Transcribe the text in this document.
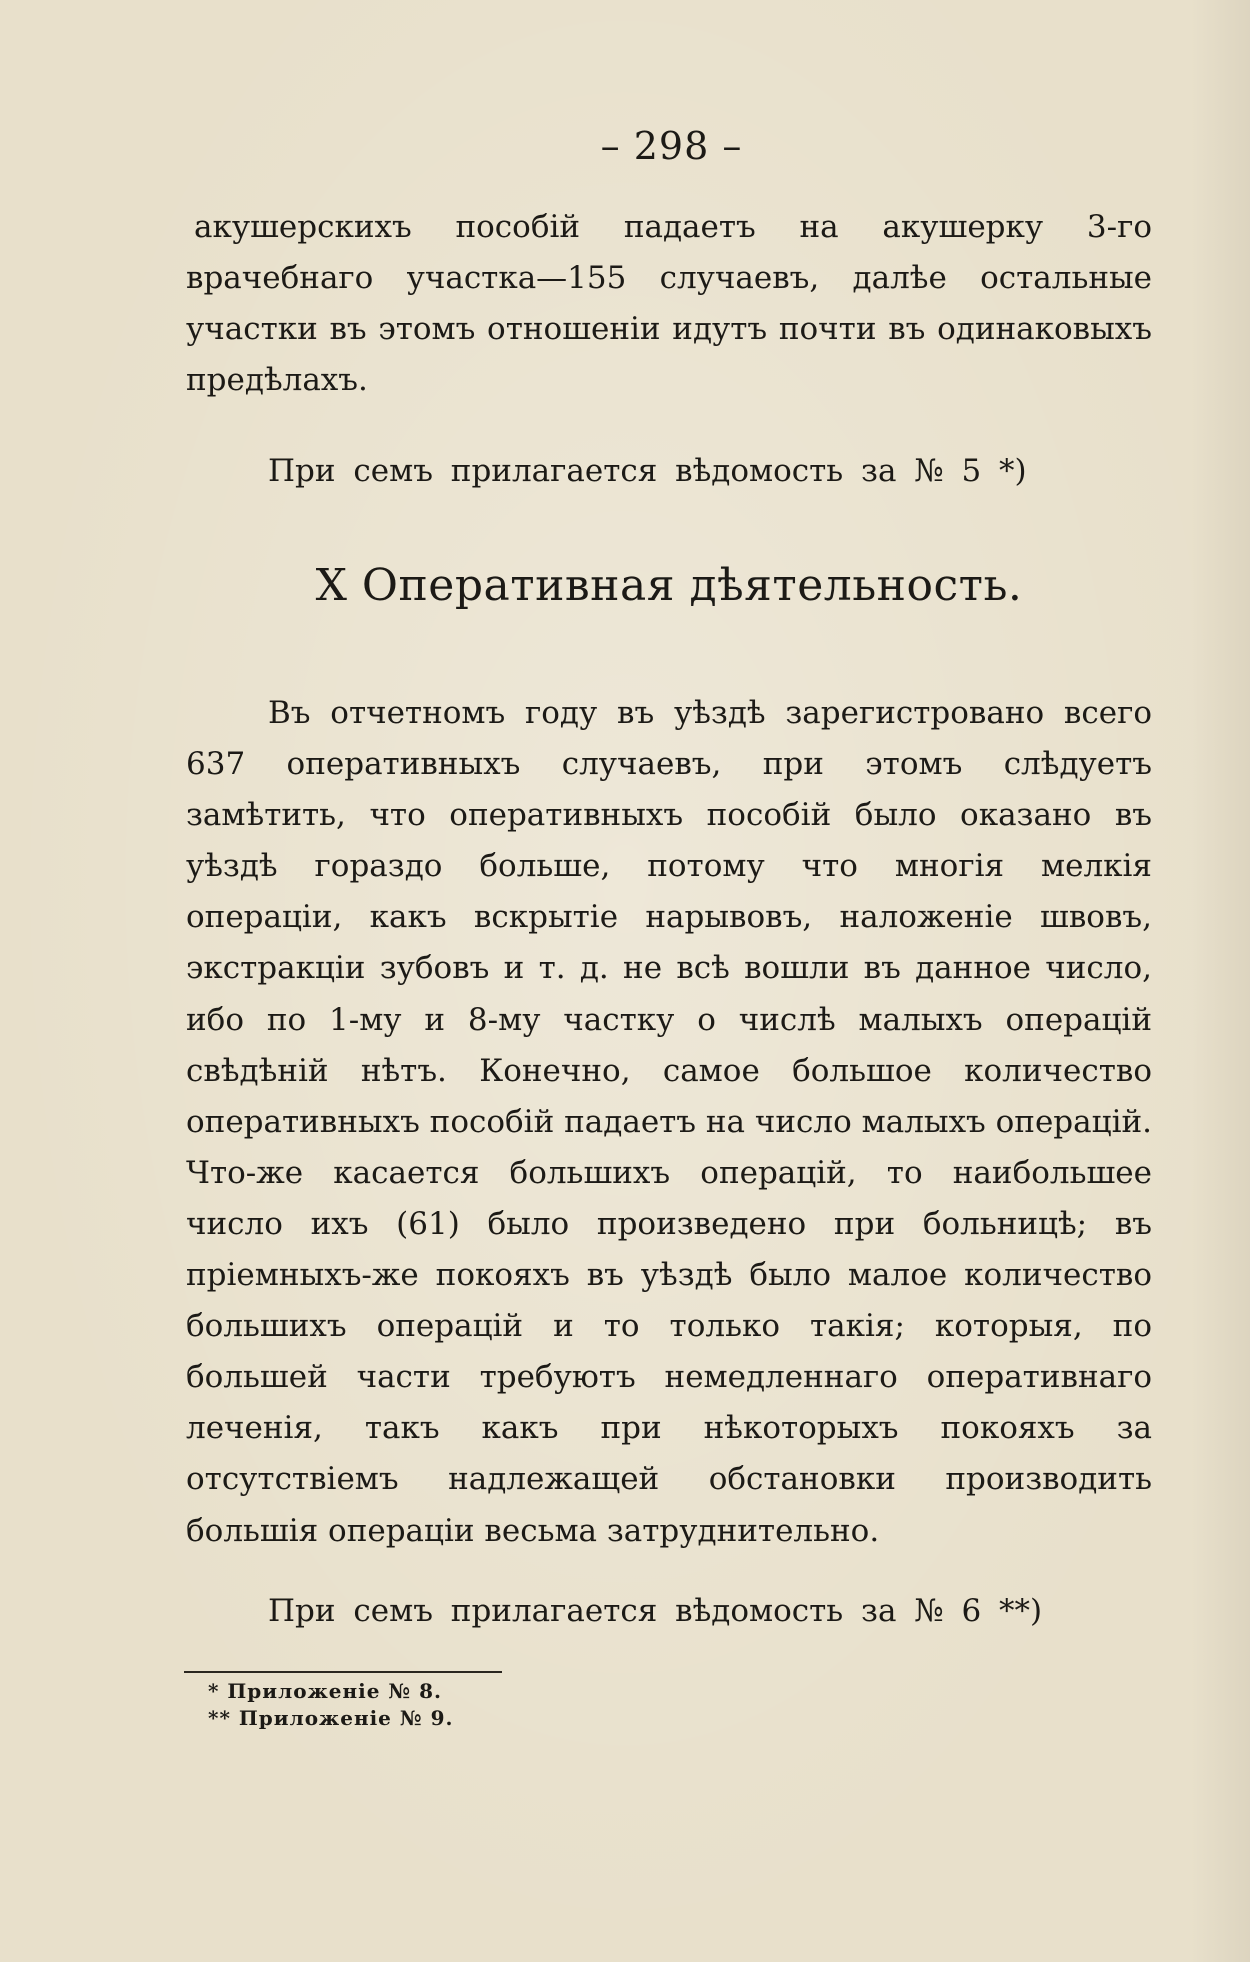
– 298 –
акушерскихъ пособій падаетъ на акушерку 3-го врачебнаго участка—155 случаевъ, далѣе остальные участки въ этомъ отношеніи идутъ почти въ одинаковыхъ предѣлахъ.
При семъ прилагается вѣдомость за № 5 *)
X Оперативная дѣятельность.
Въ отчетномъ году въ уѣздѣ зарегистровано всего 637 оперативныхъ случаевъ, при этомъ слѣдуетъ замѣтить, что оперативныхъ пособій было оказано въ уѣздѣ гораздо больше, потому что многія мелкія операціи, какъ вскрытіе нарывовъ, наложеніе швовъ, экстракціи зубовъ и т. д. не всѣ вошли въ данное число, ибо по 1-му и 8-му частку о числѣ малыхъ операцій свѣдѣній нѣтъ. Конечно, самое большое количество оперативныхъ пособій падаетъ на число малыхъ операцій. Что-же касается большихъ операцій, то наибольшее число ихъ (61) было произведено при больницѣ; въ пріемныхъ-же покояхъ въ уѣздѣ было малое количество большихъ операцій и то только такія; которыя, по большей части требуютъ немедленнаго оперативнаго леченія, такъ какъ при нѣкоторыхъ покояхъ за отсутствіемъ надлежащей обстановки производить большія операціи весьма затруднительно.
При семъ прилагается вѣдомость за № 6 **)
* Приложеніе № 8.
** Приложеніе № 9.
